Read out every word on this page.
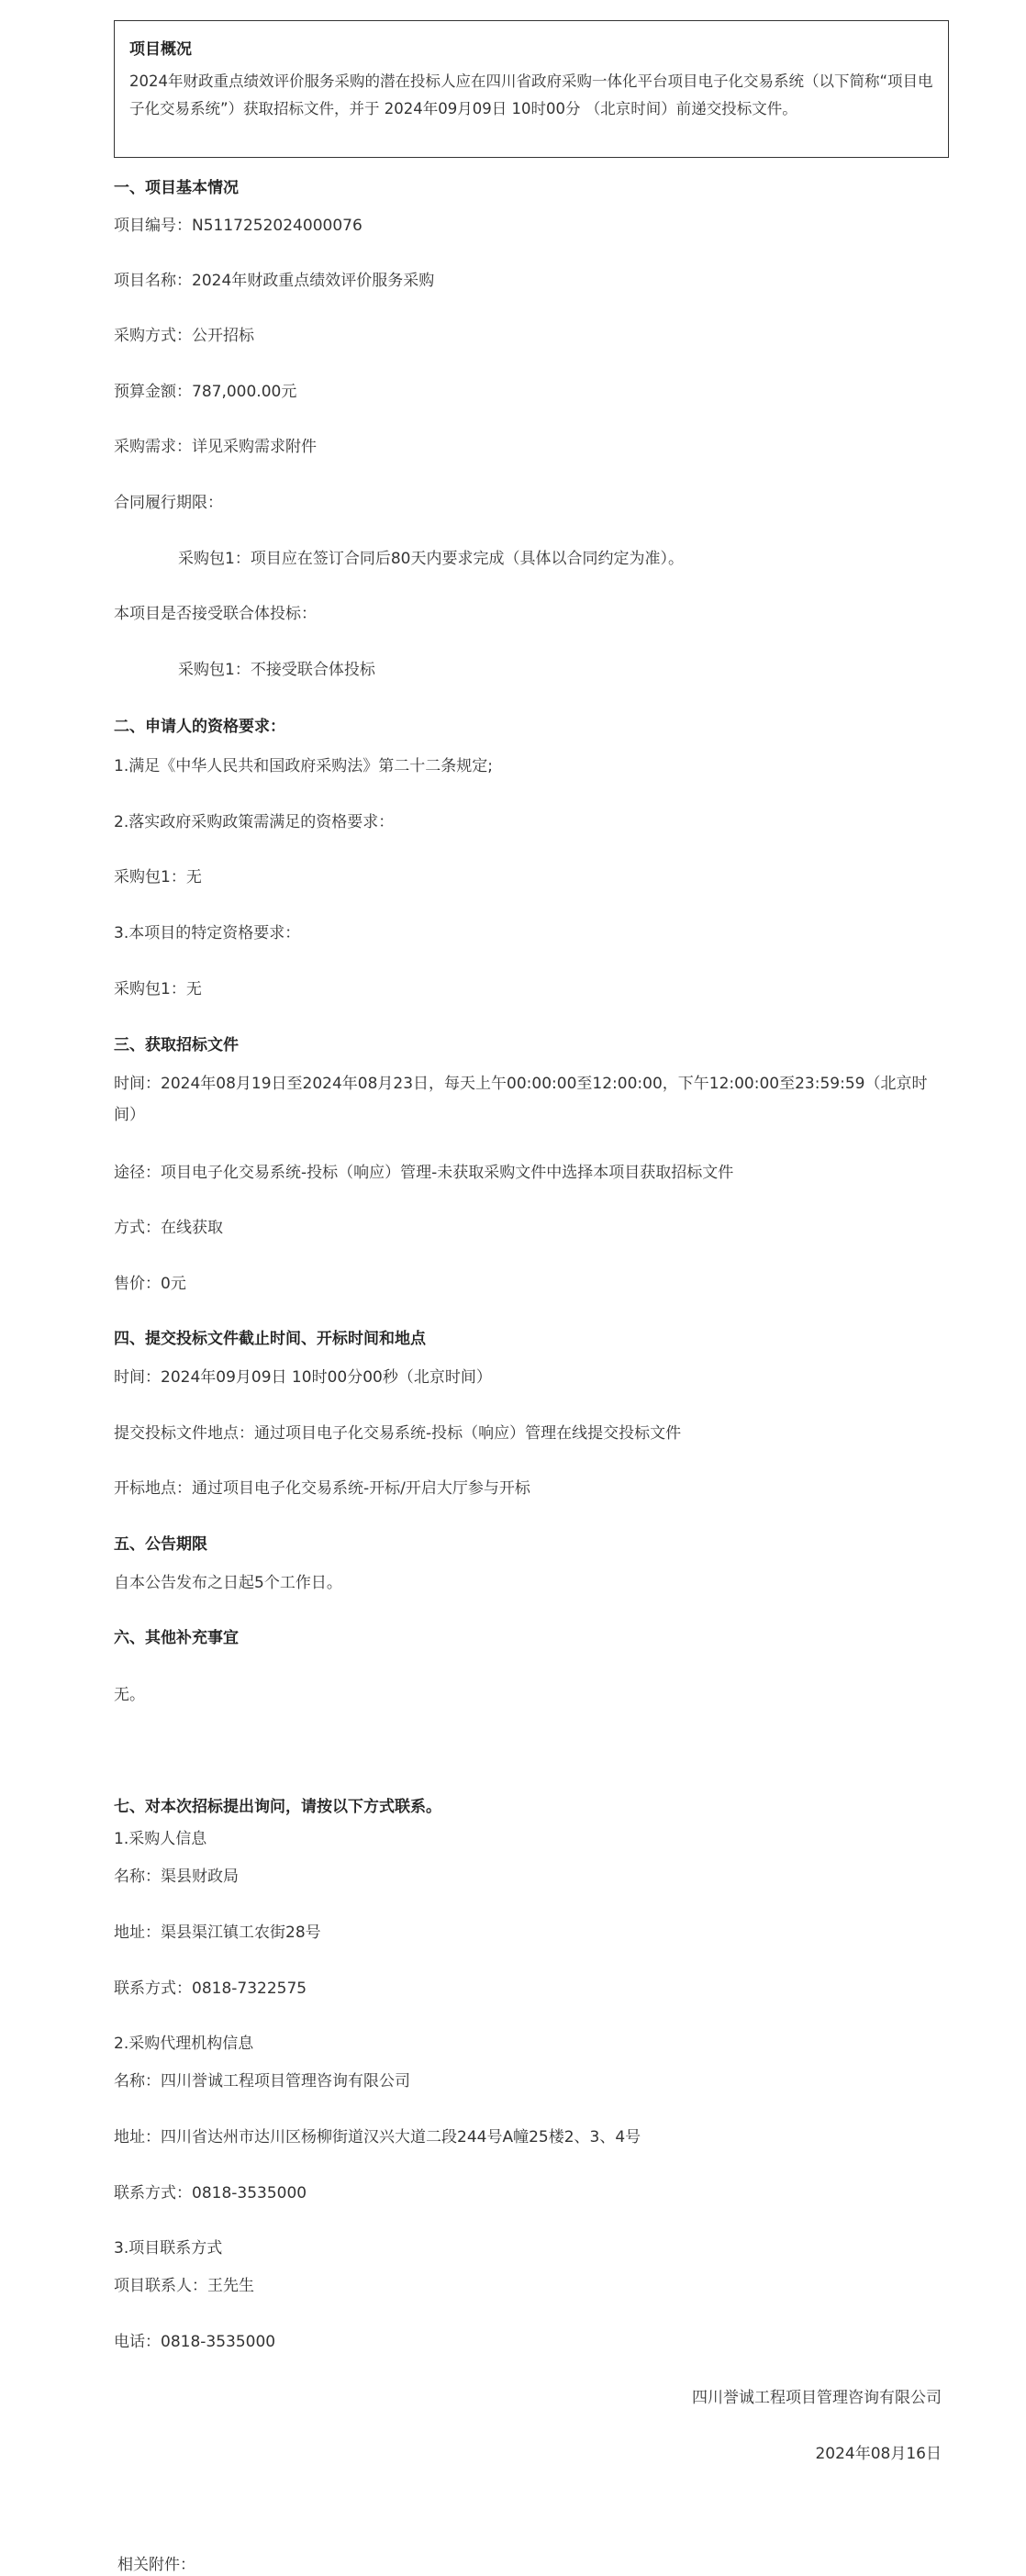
项目概况
2024年财政重点绩效评价服务采购的潜在投标人应在四川省政府采购一体化平台项目电子化交易系统（以下简称“项目电子化交易系统”）获取招标文件，并于 2024年09月09日 10时00分 （北京时间）前递交投标文件。
一、项目基本情况
项目编号 ： N5117252024000076
项目名称 ： 2024年财政重点绩效评价服务采购
采购方式 ： 公开招标
预算金额 ： 787,000.00元
采购需求 ： 详见采购需求附件
合同履行期限 ：
采购包1：项目应在签订合同后80天内要求完成（具体以合同约定为准）。
本项目是否接受联合体投标 ：
采购包1：不接受联合体投标
二、申请人的资格要求：
1.满足《中华人民共和国政府采购法》第二十二条规定;
2.落实政府采购政策需满足的资格要求：
采购包1：无
3.本项目的特定资格要求：
采购包1：无
三、获取招标文件
时间：2024年08月19日至2024年08月23日，每天上午00:00:00至12:00:00，下午12:00:00至23:59:59（北京时间）
途径：项目电子化交易系统-投标（响应）管理-未获取采购文件中选择本项目获取招标文件
方式：在线获取
售价：0元
四、提交投标文件截止时间、开标时间和地点
时间：2024年09月09日 10时00分00秒（北京时间）
提交投标文件地点：通过项目电子化交易系统-投标（响应）管理在线提交投标文件
开标地点：通过项目电子化交易系统-开标/开启大厅参与开标
五、公告期限
自本公告发布之日起5个工作日。
六、其他补充事宜
无。
七、对本次招标提出询问，请按以下方式联系。
1.采购人信息
名称：渠县财政局
地址：渠县渠江镇工农街28号
联系方式：0818-7322575
2.采购代理机构信息
名称：四川誉诚工程项目管理咨询有限公司
地址：四川省达州市达川区杨柳街道汉兴大道二段244号A幢25楼2、3、4号
联系方式：0818-3535000
3.项目联系方式
项目联系人：王先生
电话：0818-3535000
四川誉诚工程项目管理咨询有限公司
2024年08月16日
相关附件 ：
